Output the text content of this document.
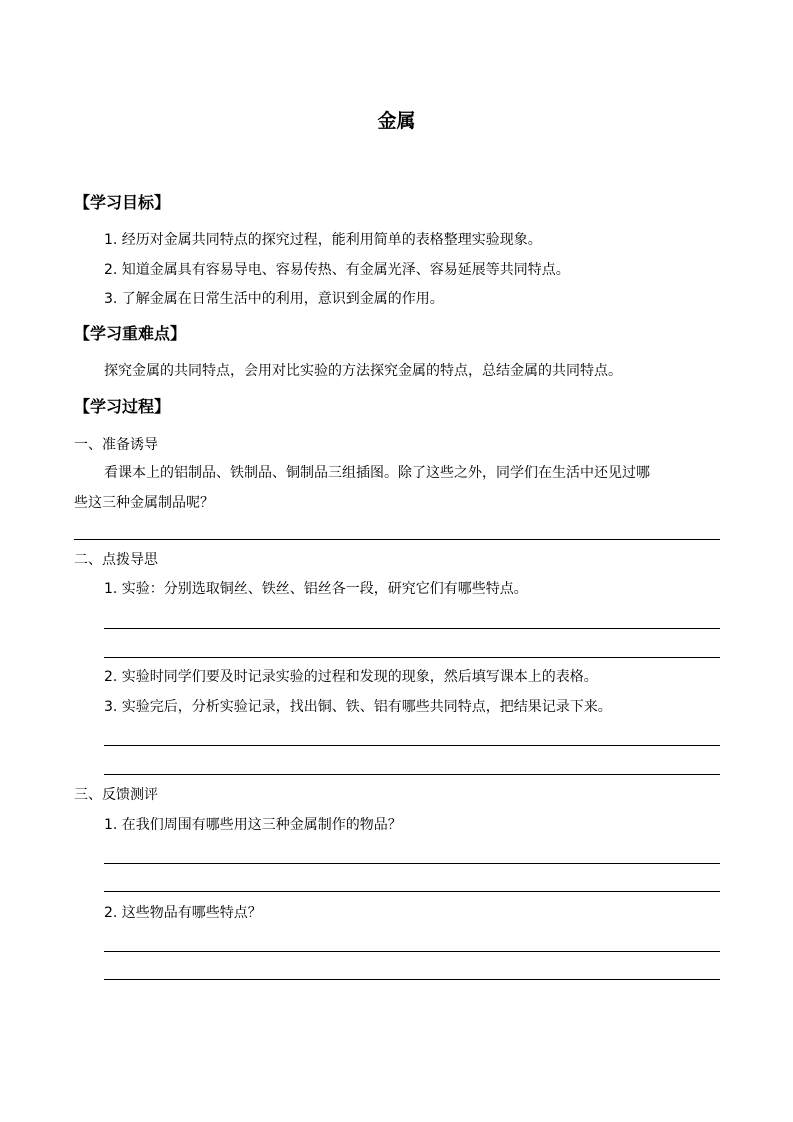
金属
【学习目标】
1. 经历对金属共同特点的探究过程，能利用简单的表格整理实验现象。
2. 知道金属具有容易导电、容易传热、有金属光泽、容易延展等共同特点。
3. 了解金属在日常生活中的利用，意识到金属的作用。
【学习重难点】
探究金属的共同特点，会用对比实验的方法探究金属的特点，总结金属的共同特点。
【学习过程】
一、准备诱导
看课本上的铝制品、铁制品、铜制品三组插图。除了这些之外，同学们在生活中还见过哪
些这三种金属制品呢？
二、点拨导思
1. 实验：分别选取铜丝、铁丝、铝丝各一段，研究它们有哪些特点。
2. 实验时同学们要及时记录实验的过程和发现的现象，然后填写课本上的表格。
3. 实验完后，分析实验记录，找出铜、铁、铝有哪些共同特点，把结果记录下来。
三、反馈测评
1. 在我们周围有哪些用这三种金属制作的物品？
2. 这些物品有哪些特点？
